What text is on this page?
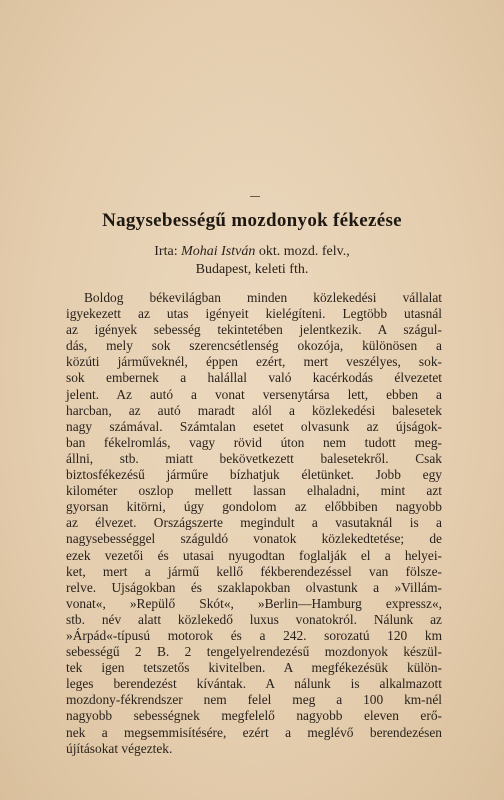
Nagysebességű mozdonyok fékezése
Irta: Mohai István okt. mozd. felv.,
Budapest, keleti fth.
Boldog békevilágban minden közlekedési vállalat
igyekezett az utas igényeit kielégíteni. Legtöbb utasnál
az igények sebesség tekintetében jelentkezik. A szágul-
dás, mely sok szerencsétlenség okozója, különösen a
közúti járműveknél, éppen ezért, mert veszélyes, sok-
sok embernek a halállal való kacérkodás élvezetet
jelent. Az autó a vonat versenytársa lett, ebben a
harcban, az autó maradt alól a közlekedési balesetek
nagy számával. Számtalan esetet olvasunk az újságok-
ban fékelromlás, vagy rövid úton nem tudott meg-
állni, stb. miatt bekövetkezett balesetekről. Csak
biztosfékezésű járműre bízhatjuk életünket. Jobb egy
kilométer oszlop mellett lassan elhaladni, mint azt
gyorsan kitörni, úgy gondolom az előbbiben nagyobb
az élvezet. Országszerte megindult a vasutaknál is a
nagysebességgel száguldó vonatok közlekedtetése; de
ezek vezetői és utasai nyugodtan foglalják el a helyei-
ket, mert a jármű kellő fékberendezéssel van fölsze-
relve. Ujságokban és szaklapokban olvastunk a »Villám-
vonat«, »Repülő Skót«, »Berlin—Hamburg expressz«,
stb. név alatt közlekedő luxus vonatokról. Nálunk az
»Árpád«-típusú motorok és a 242. sorozatú 120 km
sebességű 2 B. 2 tengelyelrendezésű mozdonyok készül-
tek igen tetszetős kivitelben. A megfékezésük külön-
leges berendezést kívántak. A nálunk is alkalmazott
mozdony-fékrendszer nem felel meg a 100 km-nél
nagyobb sebességnek megfelelő nagyobb eleven erő-
nek a megsemmisítésére, ezért a meglévő berendezésen
újításokat végeztek.
